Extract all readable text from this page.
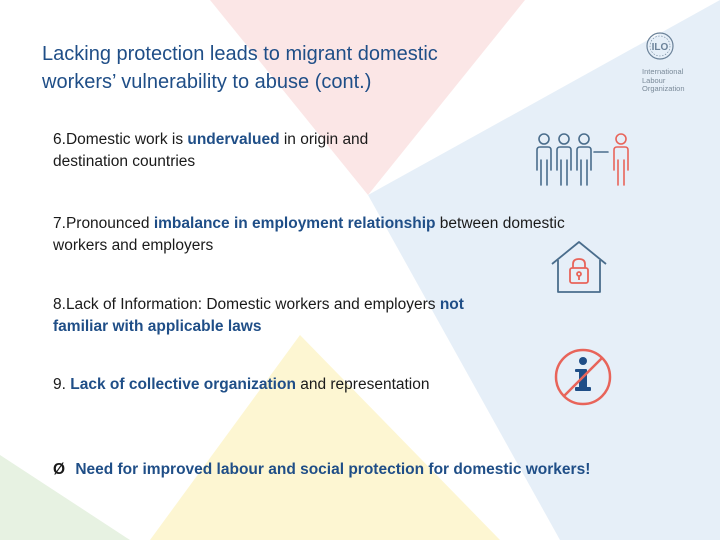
Lacking protection leads to migrant domestic
workers’ vulnerability to abuse (cont.)
ILO

International
Labour
Organization

6.Domestic work is undervalued in origin and destination countries

7.Pronounced imbalance in employment relationship between domestic workers and employers

8.Lack of Information: Domestic workers and employers not familiar with applicable laws

9. Lack of collective organization and representation

Ø Need for improved labour and social protection for domestic workers!
